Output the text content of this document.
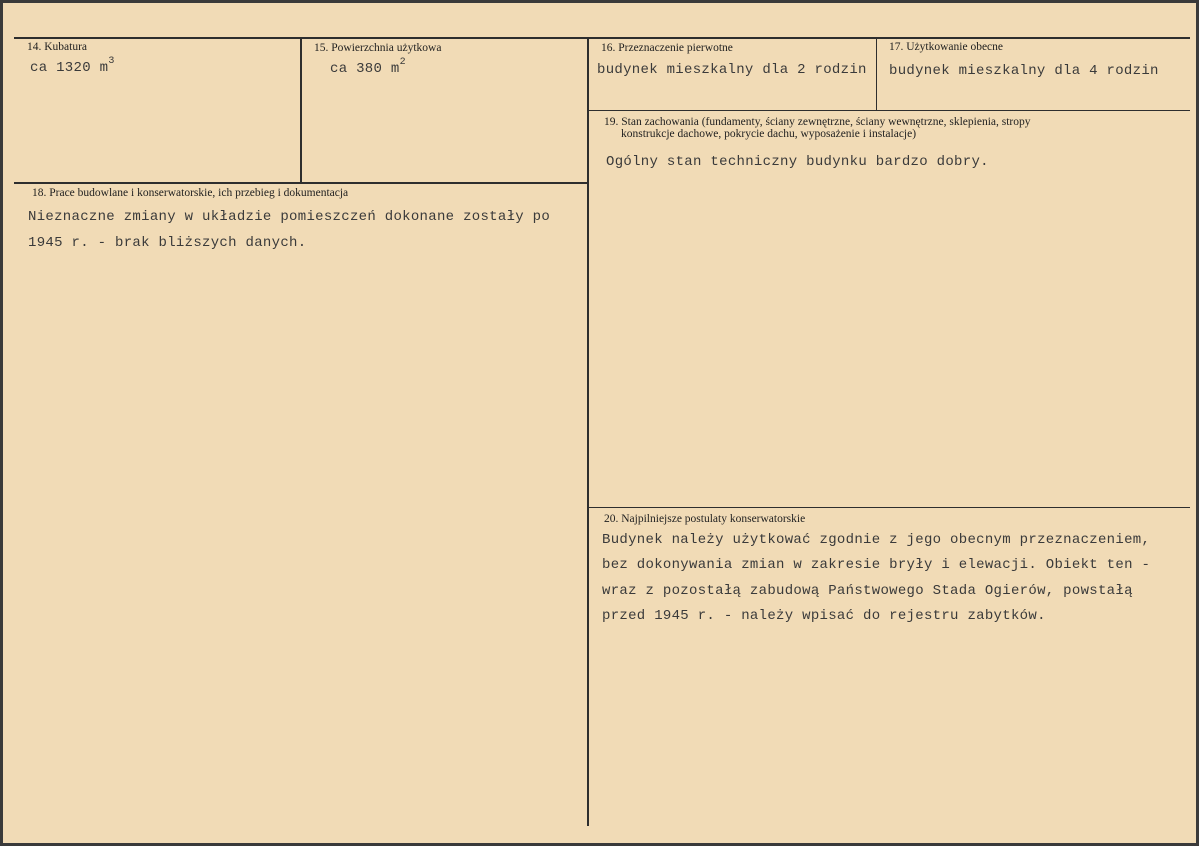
14. Kubatura
ca 1320 $m^3$
15. Powierzchnia użytkowa
ca 380 $m^2$
16. Przeznaczenie pierwotne
budynek mieszkalny dla 2 rodzin
17. Użytkowanie obecne
budynek mieszkalny dla 4 rodzin
18. Prace budowlane i konserwatorskie, ich przebieg i dokumentacja
Nieznaczne zmiany w układzie pomieszczeń dokonane zostały po
1945 r. - brak bliższych danych.
19. Stan zachowania (fundamenty, ściany zewnętrzne, ściany wewnętrzne, sklepienia, stropy
konstrukcje dachowe, pokrycie dachu, wyposażenie i instalacje)
Ogólny stan techniczny budynku bardzo dobry.
20. Najpilniejsze postulaty konserwatorskie
Budynek należy użytkować zgodnie z jego obecnym przeznaczeniem,
bez dokonywania zmian w zakresie bryły i elewacji. Obiekt ten -
wraz z pozostałą zabudową Państwowego Stada Ogierów, powstałą
przed 1945 r. - należy wpisać do rejestru zabytków.
